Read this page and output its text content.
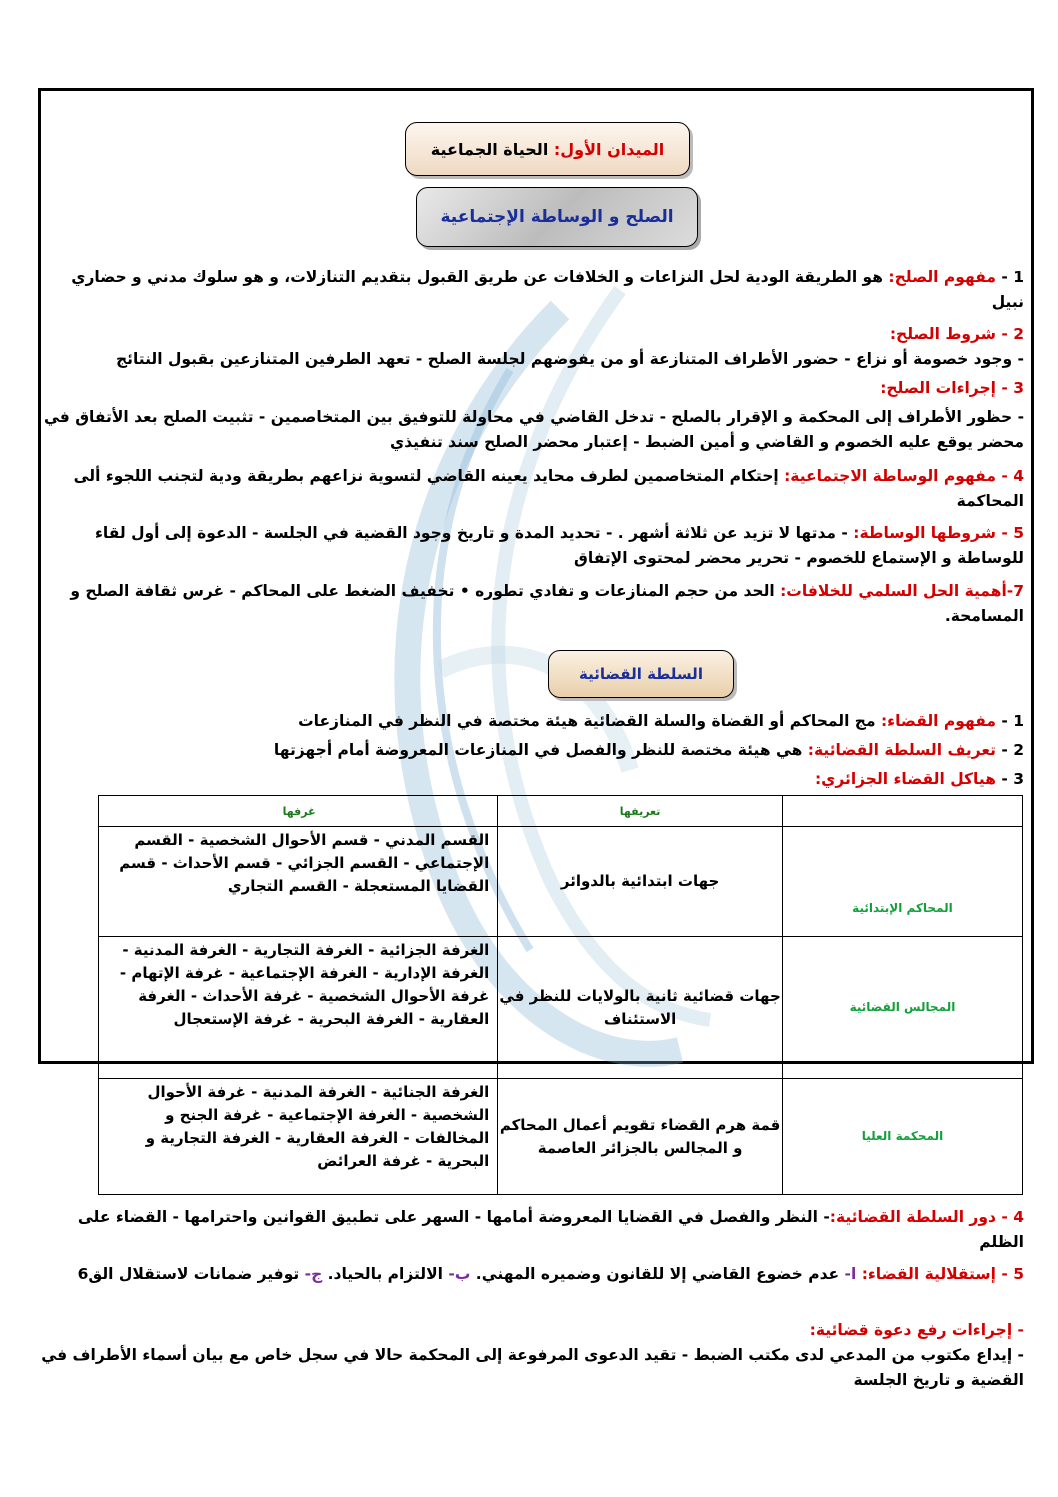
الميدان الأول:

الحياة الجماعية
الصلح و الوساطة الإجتماعية
1 - مفهوم الصلح: هو الطريقة الودية لحل النزاعات و الخلافات عن طريق القبول بتقديم التنازلات، و هو سلوك مدني و حضاري نبيل
2 - شروط الصلح:
- وجود خصومة أو نزاع - حضور الأطراف المتنازعة أو من يفوضهم لجلسة الصلح - تعهد الطرفين المتنازعين بقبول النتائج
3 - إجراءات الصلح:
- حظور الأطراف إلى المحكمة و الإقرار بالصلح - تدخل القاضي في محاولة للتوفيق بين المتخاصمين - تثبيت الصلح بعد الأتفاق في محضر يوقع عليه الخصوم و القاضي و أمين الضبط - إعتبار محضر الصلح سند تنفيذي
4 - مفهوم الوساطة الاجتماعية: إحتكام المتخاصمين لطرف محايد يعينه القاضي لتسوية نزاعهم بطريقة ودية لتجنب اللجوء ألى المحاكمة
5 - شروطها الوساطة: - مدتها لا تزيد عن ثلاثة أشهر . - تحديد المدة و تاريخ وجود القضية في الجلسة - الدعوة إلى أول لقاء للوساطة و الإستماع للخصوم - تحرير محضر لمحتوى الإتفاق
7-أهمية الحل السلمي للخلافات: الحد من حجم المنازعات و تفادي تطوره • تخفيف الضغط على المحاكم - غرس ثقافة الصلح و المسامحة.
السلطة القضائية
1 - مفهوم القضاء: مج المحاكم أو القضاة والسلة القضائية هيئة مختصة في النظر في المنازعات
2 - تعريف السلطة القضائية: هي هيئة مختصة للنظر والفصل في المنازعات المعروضة أمام أجهزتها
3 - هياكل القضاء الجزائري:
	تعريفها	غرفها
المحاكم الإبتدائية	جهات ابتدائية بالدوائر	القسم المدني - قسم الأحوال الشخصية - القسم الإجتماعي - القسم الجزائي - قسم الأحداث - قسم القضايا المستعجلة - القسم التجاري
المجالس القضائية	جهات قضائية ثانية بالولايات للنظر في الاستئناف	الغرفة الجزائية - الغرفة التجارية - الغرفة المدنية - الغرفة الإدارية - الغرفة الإجتماعية - غرفة الإتهام - غرفة الأحوال الشخصية - غرفة الأحداث - الغرفة العقارية - الغرفة البحرية - غرفة الإستعجال
المحكمة العليا	قمة هرم القضاء تقويم أعمال المحاكم و المجالس بالجزائر العاصمة	الغرفة الجنائية - الغرفة المدنية - غرفة الأحوال الشخصية - الغرفة الإجتماعية - غرفة الجنح و المخالفات - الغرفة العقارية - الغرفة التجارية و البحرية - غرفة العرائض
4 - دور السلطة القضائية:- النظر والفصل في القضايا المعروضة أمامها - السهر على تطبيق القوانين واحترامها - القضاء على الظلم
5 - إستقلالية القضاء: ا- عدم خضوع القاضي إلا للقانون وضميره المهني. ب- الالتزام بالحياد. ج- توفير ضمانات لاستقلال الق6
- إجراءات رفع دعوة قضائية:
- إيداع مكتوب من المدعي لدى مكتب الضبط - تقيد الدعوى المرفوعة إلى المحكمة حالا في سجل خاص مع بيان أسماء الأطراف في القضية و تاريخ الجلسة
